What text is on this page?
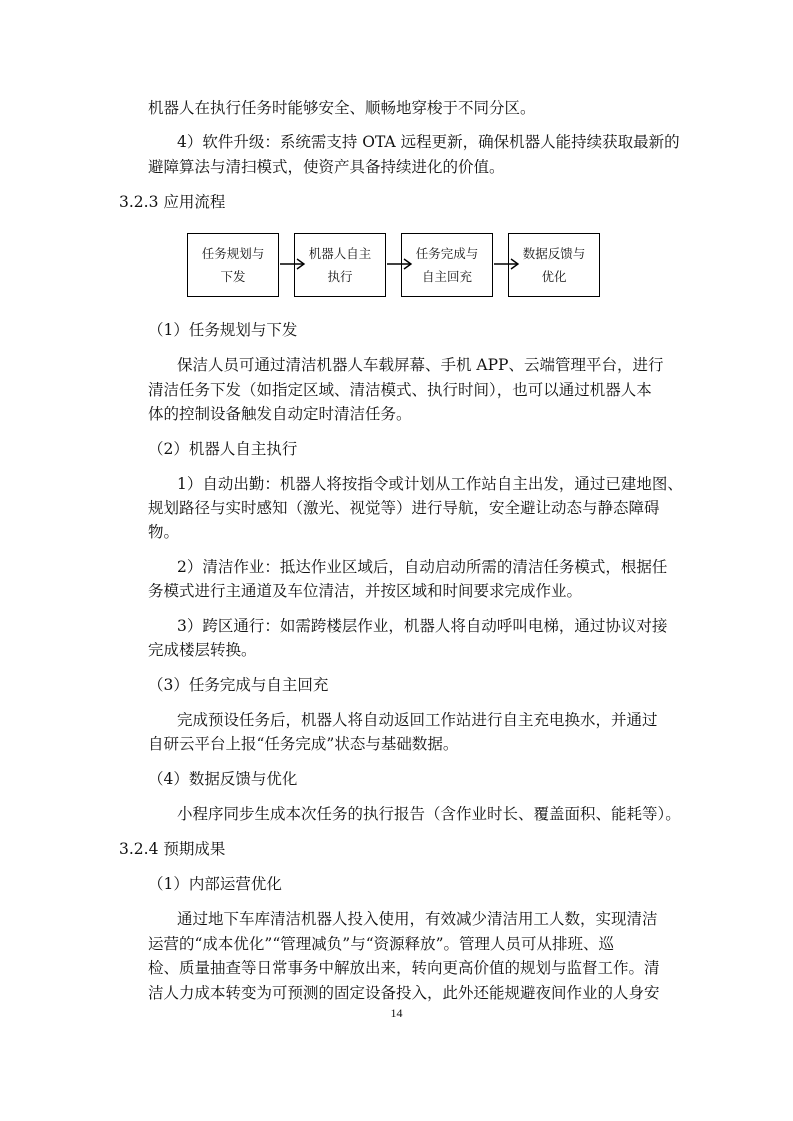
机器人在执行任务时能够安全、顺畅地穿梭于不同分区。
4）软件升级：系统需支持 OTA 远程更新，确保机器人能持续获取最新的
避障算法与清扫模式，使资产具备持续进化的价值。
3.2.3 应用流程
任务规划与
下发
机器人自主
执行
任务完成与
自主回充
数据反馈与
优化
（1）任务规划与下发
保洁人员可通过清洁机器人车载屏幕、手机 APP、云端管理平台，进行
清洁任务下发（如指定区域、清洁模式、执行时间），也可以通过机器人本
体的控制设备触发自动定时清洁任务。
（2）机器人自主执行
1）自动出勤：机器人将按指令或计划从工作站自主出发，通过已建地图、
规划路径与实时感知（激光、视觉等）进行导航，安全避让动态与静态障碍
物。
2）清洁作业：抵达作业区域后，自动启动所需的清洁任务模式，根据任
务模式进行主通道及车位清洁，并按区域和时间要求完成作业。
3）跨区通行：如需跨楼层作业，机器人将自动呼叫电梯，通过协议对接
完成楼层转换。
（3）任务完成与自主回充
完成预设任务后，机器人将自动返回工作站进行自主充电换水，并通过
自研云平台上报“任务完成”状态与基础数据。
（4）数据反馈与优化
小程序同步生成本次任务的执行报告（含作业时长、覆盖面积、能耗等）。
3.2.4 预期成果
（1）内部运营优化
通过地下车库清洁机器人投入使用，有效减少清洁用工人数，实现清洁
运营的“成本优化”“管理减负”与“资源释放”。管理人员可从排班、巡
检、质量抽查等日常事务中解放出来，转向更高价值的规划与监督工作。清
洁人力成本转变为可预测的固定设备投入，此外还能规避夜间作业的人身安
14
